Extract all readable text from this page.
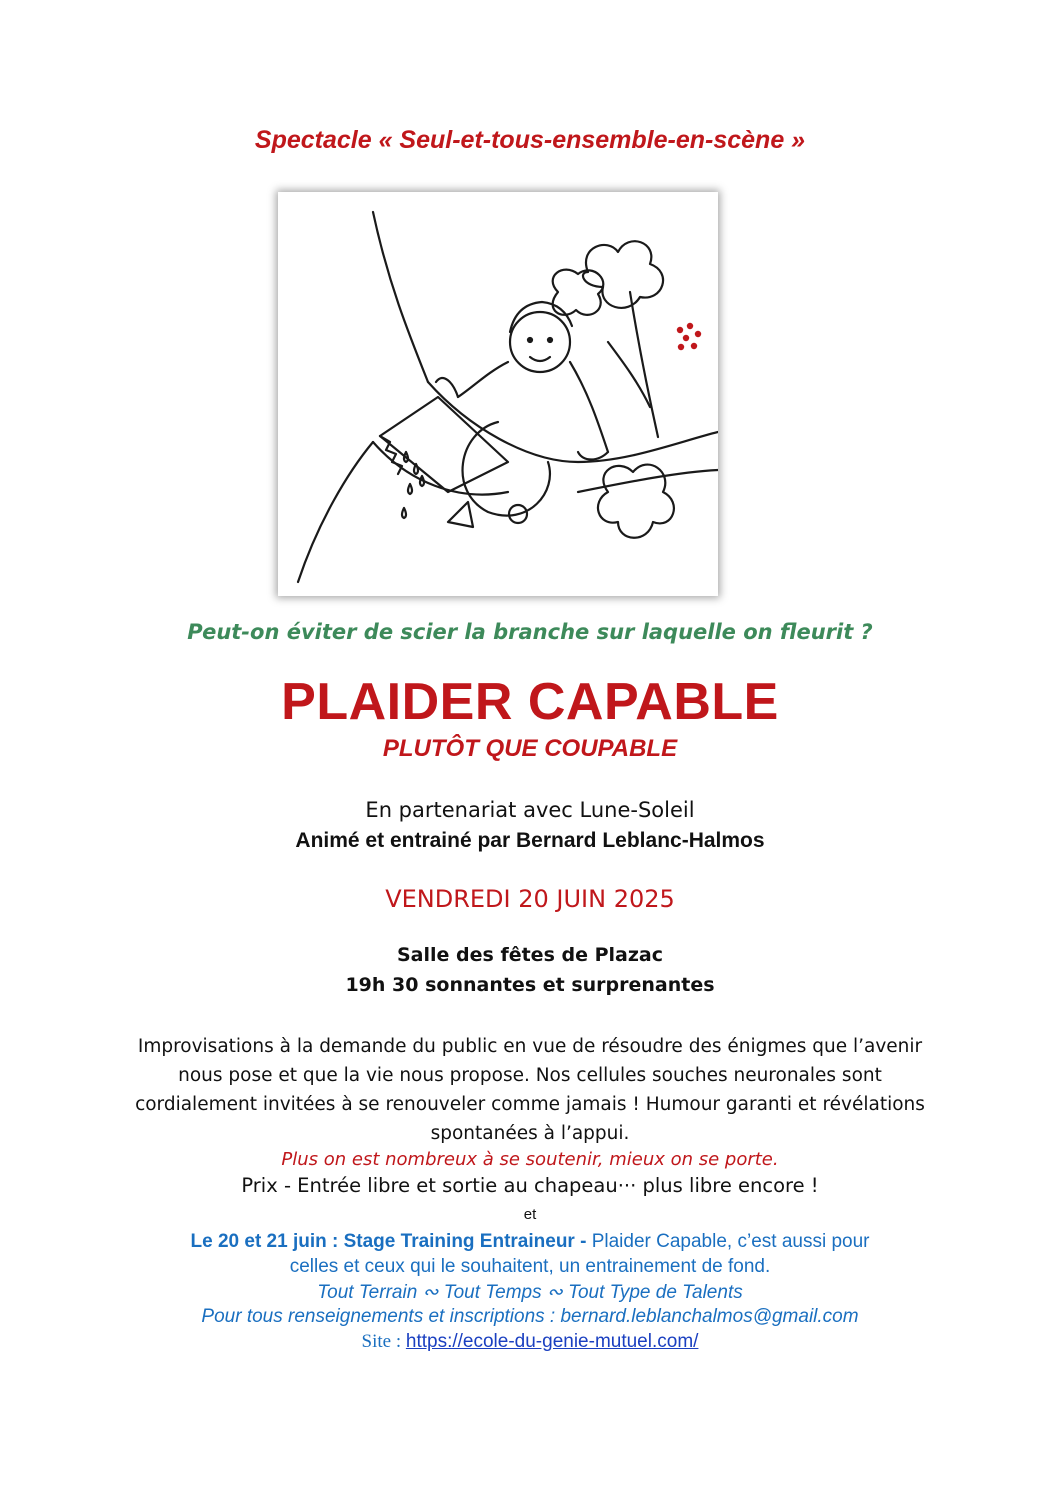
Spectacle « Seul-et-tous-ensemble-en-scène »
Peut-on éviter de scier la branche sur laquelle on fleurit ?
PLAIDER CAPABLE
PLUTÔT QUE COUPABLE
En partenariat avec Lune-Soleil
Animé et entrainé par Bernard Leblanc-Halmos
VENDREDI 20 JUIN 2025
Salle des fêtes de Plazac
19h 30 sonnantes et surprenantes
Improvisations à la demande du public en vue de résoudre des énigmes que l’avenir
nous pose et que la vie nous propose. Nos cellules souches neuronales sont
cordialement invitées à se renouveler comme jamais ! Humour garanti et révélations
spontanées à l’appui.
Plus on est nombreux à se soutenir, mieux on se porte.
Prix - Entrée libre et sortie au chapeau··· plus libre encore !
et
Le 20 et 21 juin : Stage Training Entraineur - Plaider Capable, c’est aussi pour
celles et ceux qui le souhaitent, un entrainement de fond.
Tout Terrain ∾ Tout Temps ∾ Tout Type de Talents
Pour tous renseignements et inscriptions : bernard.leblanchalmos@gmail.com
Site : https://ecole-du-genie-mutuel.com/
